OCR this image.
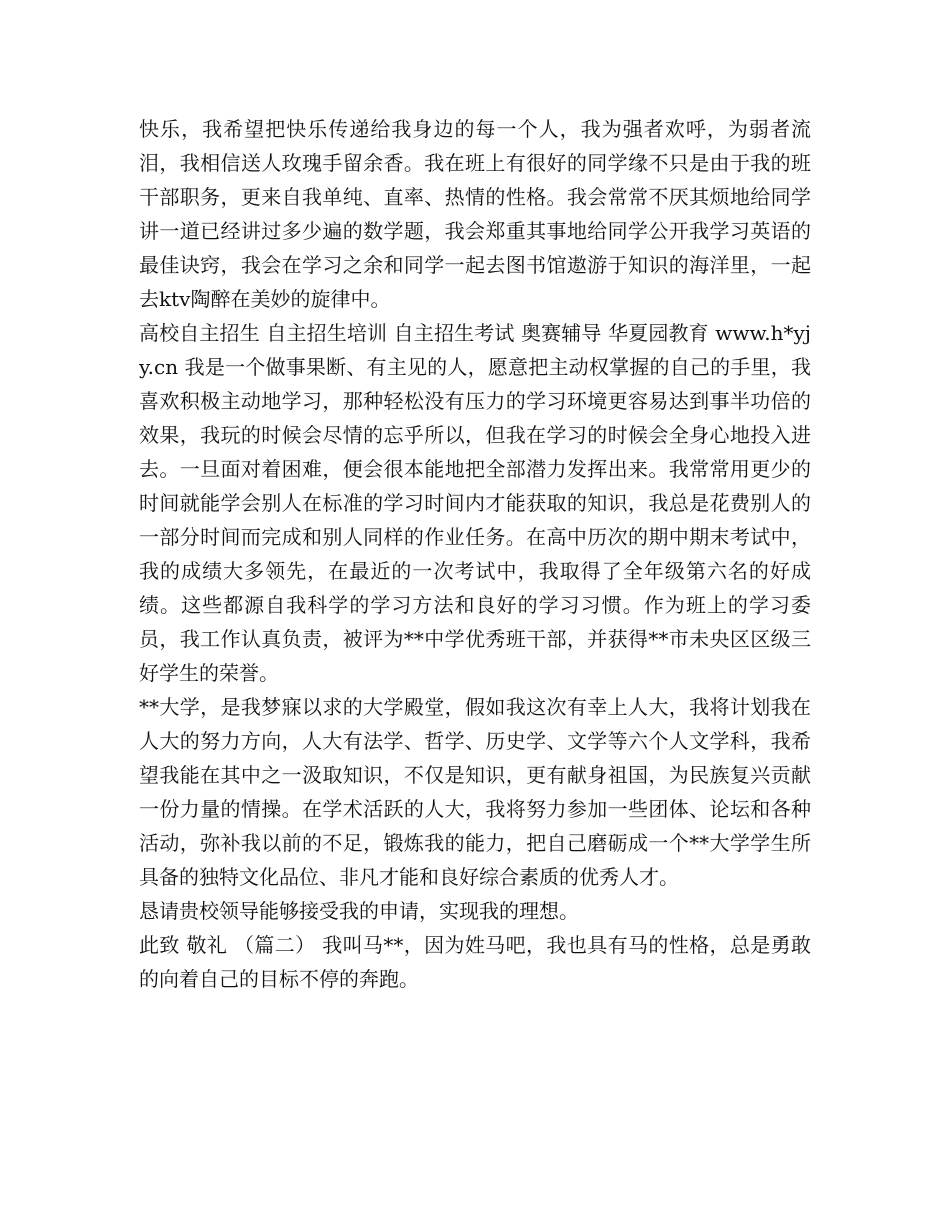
快乐，我希望把快乐传递给我身边的每一个人，我为强者欢呼，为弱者流泪，我相信送人玫瑰手留余香。我在班上有很好的同学缘不只是由于我的班干部职务，更来自我单纯、直率、热情的性格。我会常常不厌其烦地给同学讲一道已经讲过多少遍的数学题，我会郑重其事地给同学公开我学习英语的最佳诀窍，我会在学习之余和同学一起去图书馆遨游于知识的海洋里，一起去ktv陶醉在美妙的旋律中。

高校自主招生 自主招生培训 自主招生考试 奥赛辅导 华夏园教育 www.h*yjy.cn 我是一个做事果断、有主见的人，愿意把主动权掌握的自己的手里，我喜欢积极主动地学习，那种轻松没有压力的学习环境更容易达到事半功倍的效果，我玩的时候会尽情的忘乎所以，但我在学习的时候会全身心地投入进去。一旦面对着困难，便会很本能地把全部潜力发挥出来。我常常用更少的时间就能学会别人在标准的学习时间内才能获取的知识，我总是花费别人的一部分时间而完成和别人同样的作业任务。在高中历次的期中期末考试中，我的成绩大多领先，在最近的一次考试中，我取得了全年级第六名的好成绩。这些都源自我科学的学习方法和良好的学习习惯。作为班上的学习委员，我工作认真负责，被评为**中学优秀班干部，并获得**市未央区区级三好学生的荣誉。

**大学，是我梦寐以求的大学殿堂，假如我这次有幸上人大，我将计划我在人大的努力方向，人大有法学、哲学、历史学、文学等六个人文学科，我希望我能在其中之一汲取知识，不仅是知识，更有献身祖国，为民族复兴贡献一份力量的情操。在学术活跃的人大，我将努力参加一些团体、论坛和各种活动，弥补我以前的不足，锻炼我的能力，把自己磨砺成一个**大学学生所具备的独特文化品位、非凡才能和良好综合素质的优秀人才。

恳请贵校领导能够接受我的申请，实现我的理想。

此致 敬礼 （篇二） 我叫马**，因为姓马吧，我也具有马的性格，总是勇敢的向着自己的目标不停的奔跑。
